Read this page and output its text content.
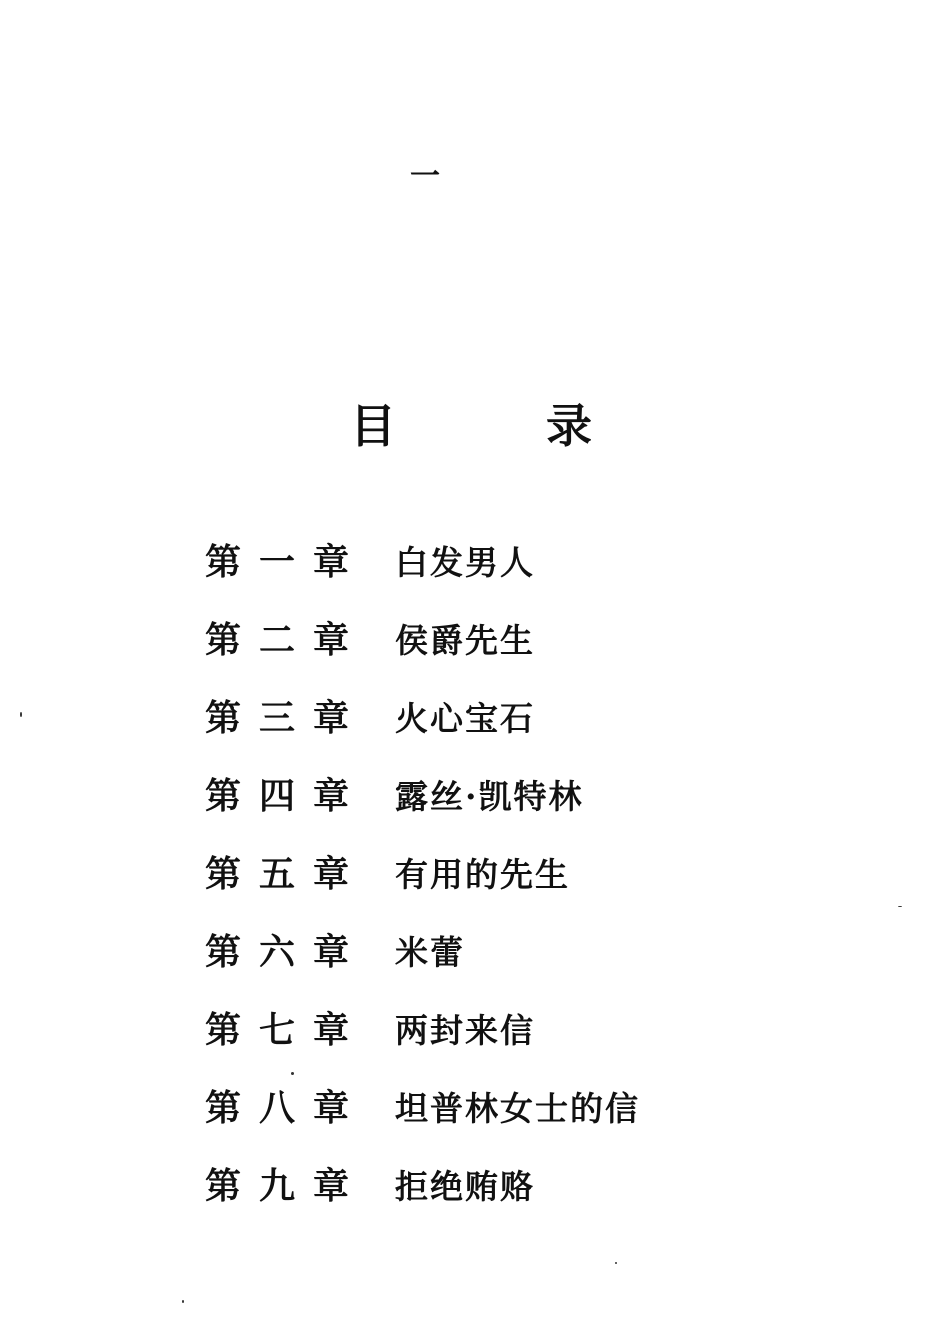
一
目	录
第一章 白发男人
第二章 侯爵先生
第三章 火心宝石
第四章 露丝·凯特林
第五章 有用的先生
第六章 米蕾
第七章 两封来信
第八章 坦普林女士的信
第九章 拒绝贿赂
